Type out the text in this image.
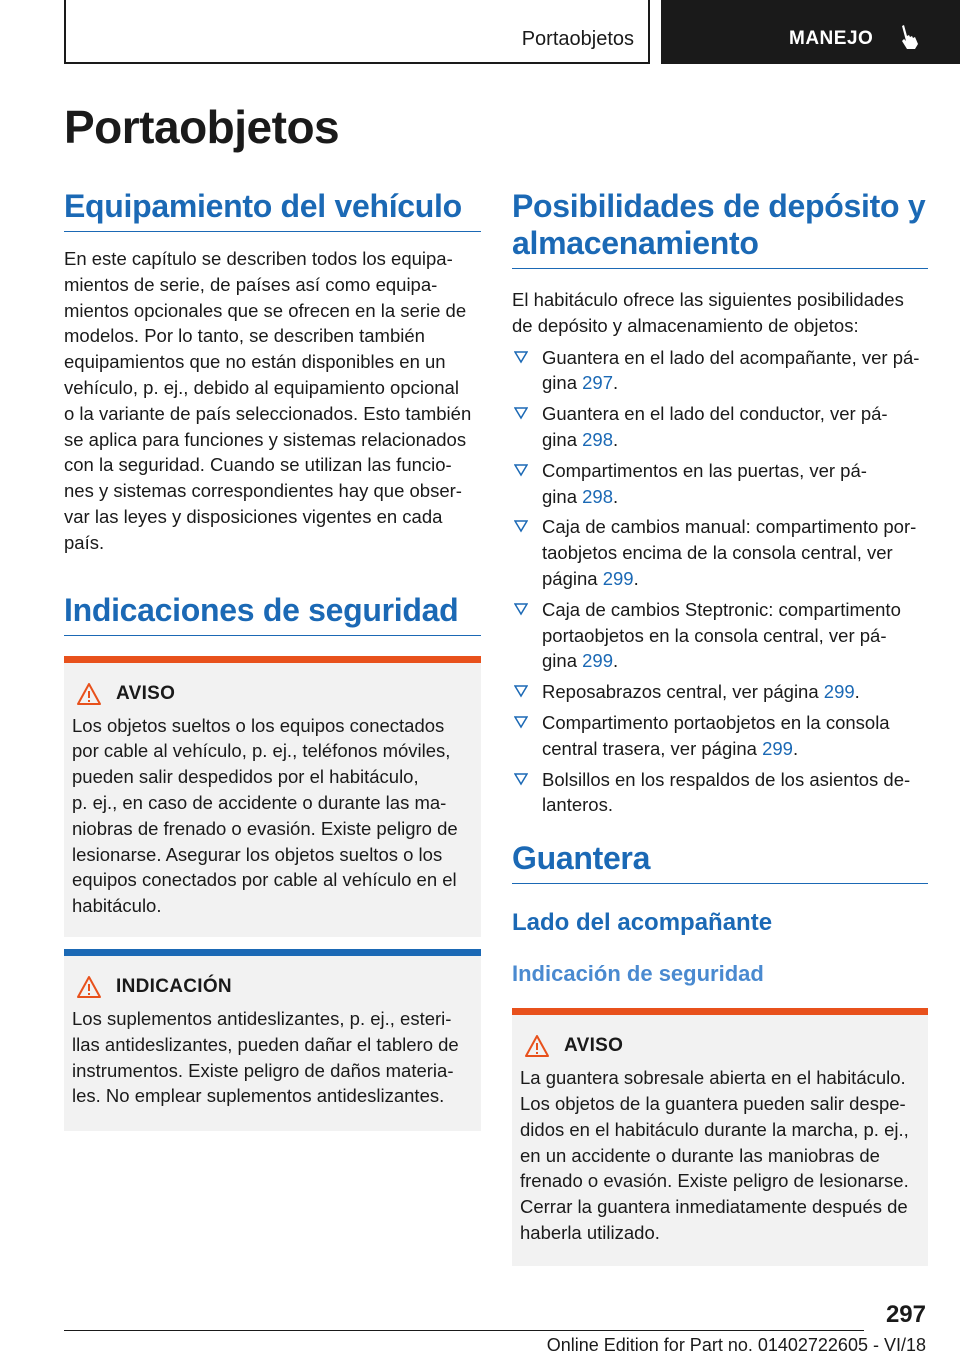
Portaobjetos	MANEJO
Portaobjetos
Equipamiento del vehículo
En este capítulo se describen todos los equipa-
mientos de serie, de países así como equipa-
mientos opcionales que se ofrecen en la serie de
modelos. Por lo tanto, se describen también
equipamientos que no están disponibles en un
vehículo, p. ej., debido al equipamiento opcional
o la variante de país seleccionados. Esto también
se aplica para funciones y sistemas relacionados
con la seguridad. Cuando se utilizan las funcio-
nes y sistemas correspondientes hay que obser-
var las leyes y disposiciones vigentes en cada
país.
Indicaciones de seguridad
AVISO
Los objetos sueltos o los equipos conectados
por cable al vehículo, p. ej., teléfonos móviles,
pueden salir despedidos por el habitáculo,
p. ej., en caso de accidente o durante las ma-
niobras de frenado o evasión. Existe peligro de
lesionarse. Asegurar los objetos sueltos o los
equipos conectados por cable al vehículo en el
habitáculo.
INDICACIÓN
Los suplementos antideslizantes, p. ej., esteri-
llas antideslizantes, pueden dañar el tablero de
instrumentos. Existe peligro de daños materia-
les. No emplear suplementos antideslizantes.
Posibilidades de depósito y
almacenamiento
El habitáculo ofrece las siguientes posibilidades
de depósito y almacenamiento de objetos:
Guantera en el lado del acompañante, ver pá-
gina 297.
Guantera en el lado del conductor, ver pá-
gina 298.
Compartimentos en las puertas, ver pá-
gina 298.
Caja de cambios manual: compartimento por-
taobjetos encima de la consola central, ver
página 299.
Caja de cambios Steptronic: compartimento
portaobjetos en la consola central, ver pá-
gina 299.
Reposabrazos central, ver página 299.
Compartimento portaobjetos en la consola
central trasera, ver página 299.
Bolsillos en los respaldos de los asientos de-
lanteros.
Guantera
Lado del acompañante
Indicación de seguridad
AVISO
La guantera sobresale abierta en el habitáculo.
Los objetos de la guantera pueden salir despe-
didos en el habitáculo durante la marcha, p. ej.,
en un accidente o durante las maniobras de
frenado o evasión. Existe peligro de lesionarse.
Cerrar la guantera inmediatamente después de
haberla utilizado.
297
Online Edition for Part no. 01402722605 - VI/18
